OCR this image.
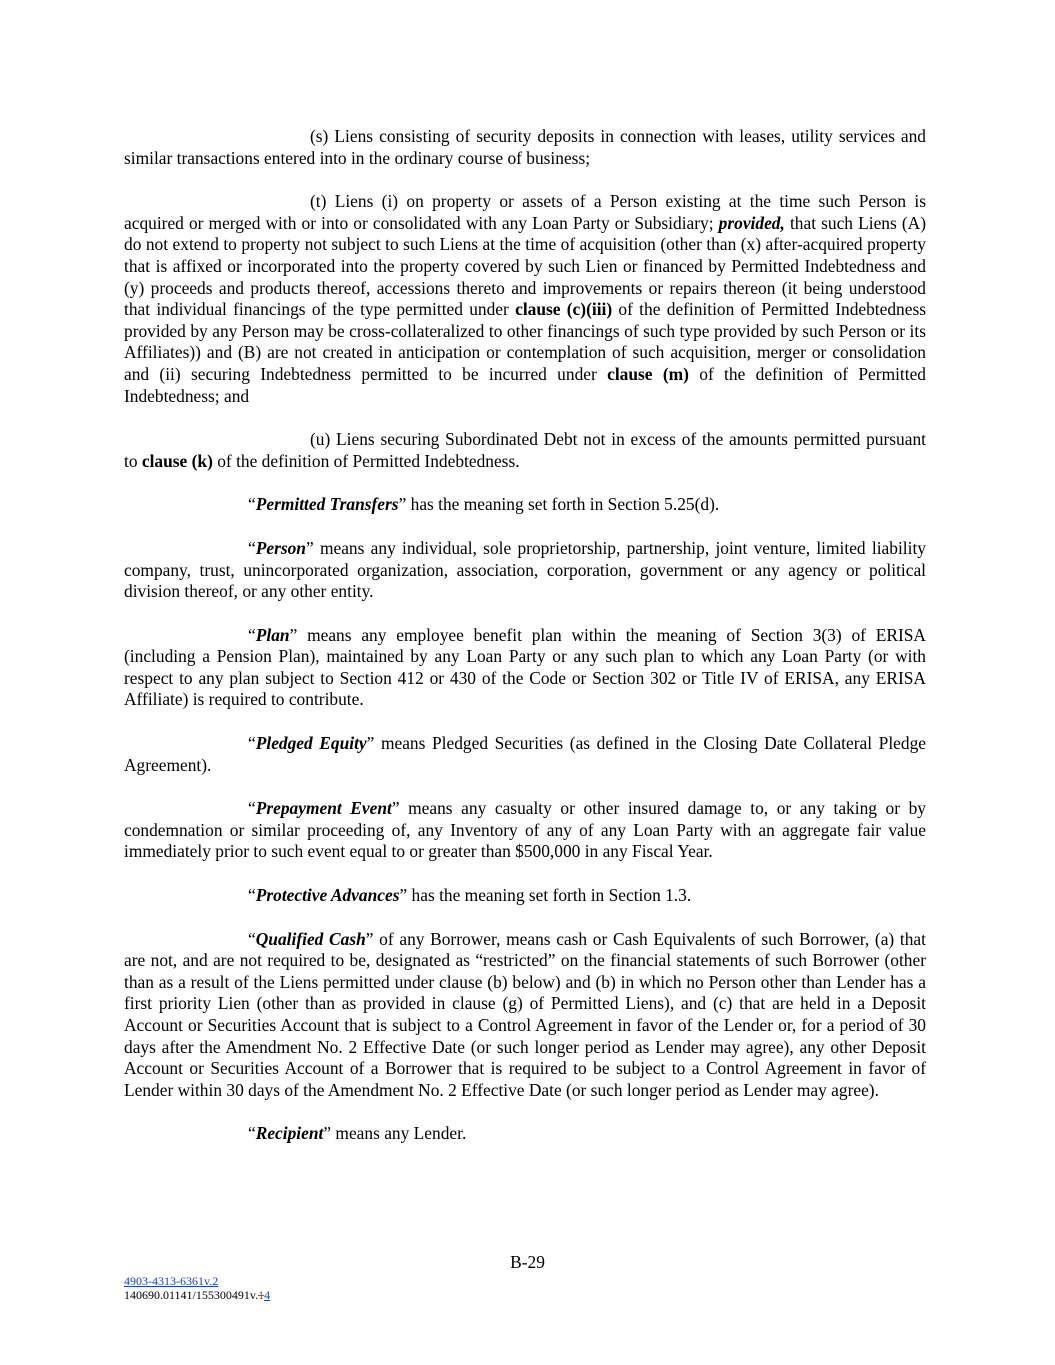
(s) Liens consisting of security deposits in connection with leases, utility services and similar transactions entered into in the ordinary course of business;

(t) Liens (i) on property or assets of a Person existing at the time such Person is acquired or merged with or into or consolidated with any Loan Party or Subsidiary; provided, that such Liens (A) do not extend to property not subject to such Liens at the time of acquisition (other than (x) after-acquired property that is affixed or incorporated into the property covered by such Lien or financed by Permitted Indebtedness and (y) proceeds and products thereof, accessions thereto and improvements or repairs thereon (it being understood that individual financings of the type permitted under clause (c)(iii) of the definition of Permitted Indebtedness provided by any Person may be cross-collateralized to other financings of such type provided by such Person or its Affiliates)) and (B) are not created in anticipation or contemplation of such acquisition, merger or consolidation and (ii) securing Indebtedness permitted to be incurred under clause (m) of the definition of Permitted Indebtedness; and

(u) Liens securing Subordinated Debt not in excess of the amounts permitted pursuant to clause (k) of the definition of Permitted Indebtedness.

“Permitted Transfers” has the meaning set forth in Section 5.25(d).

“Person” means any individual, sole proprietorship, partnership, joint venture, limited liability company, trust, unincorporated organization, association, corporation, government or any agency or political division thereof, or any other entity.

“Plan” means any employee benefit plan within the meaning of Section 3(3) of ERISA (including a Pension Plan), maintained by any Loan Party or any such plan to which any Loan Party (or with respect to any plan subject to Section 412 or 430 of the Code or Section 302 or Title IV of ERISA, any ERISA Affiliate) is required to contribute.

“Pledged Equity” means Pledged Securities (as defined in the Closing Date Collateral Pledge Agreement).

“Prepayment Event” means any casualty or other insured damage to, or any taking or by condemnation or similar proceeding of, any Inventory of any of any Loan Party with an aggregate fair value immediately prior to such event equal to or greater than $500,000 in any Fiscal Year.

“Protective Advances” has the meaning set forth in Section 1.3.

“Qualified Cash” of any Borrower, means cash or Cash Equivalents of such Borrower, (a) that are not, and are not required to be, designated as “restricted” on the financial statements of such Borrower (other than as a result of the Liens permitted under clause (b) below) and (b) in which no Person other than Lender has a first priority Lien (other than as provided in clause (g) of Permitted Liens), and (c) that are held in a Deposit Account or Securities Account that is subject to a Control Agreement in favor of the Lender or, for a period of 30 days after the Amendment No. 2 Effective Date (or such longer period as Lender may agree), any other Deposit Account or Securities Account of a Borrower that is required to be subject to a Control Agreement in favor of Lender within 30 days of the Amendment No. 2 Effective Date (or such longer period as Lender may agree).

“Recipient” means any Lender.

B-29
4903-4313-6361v.2
140690.01141/155300491v.14
